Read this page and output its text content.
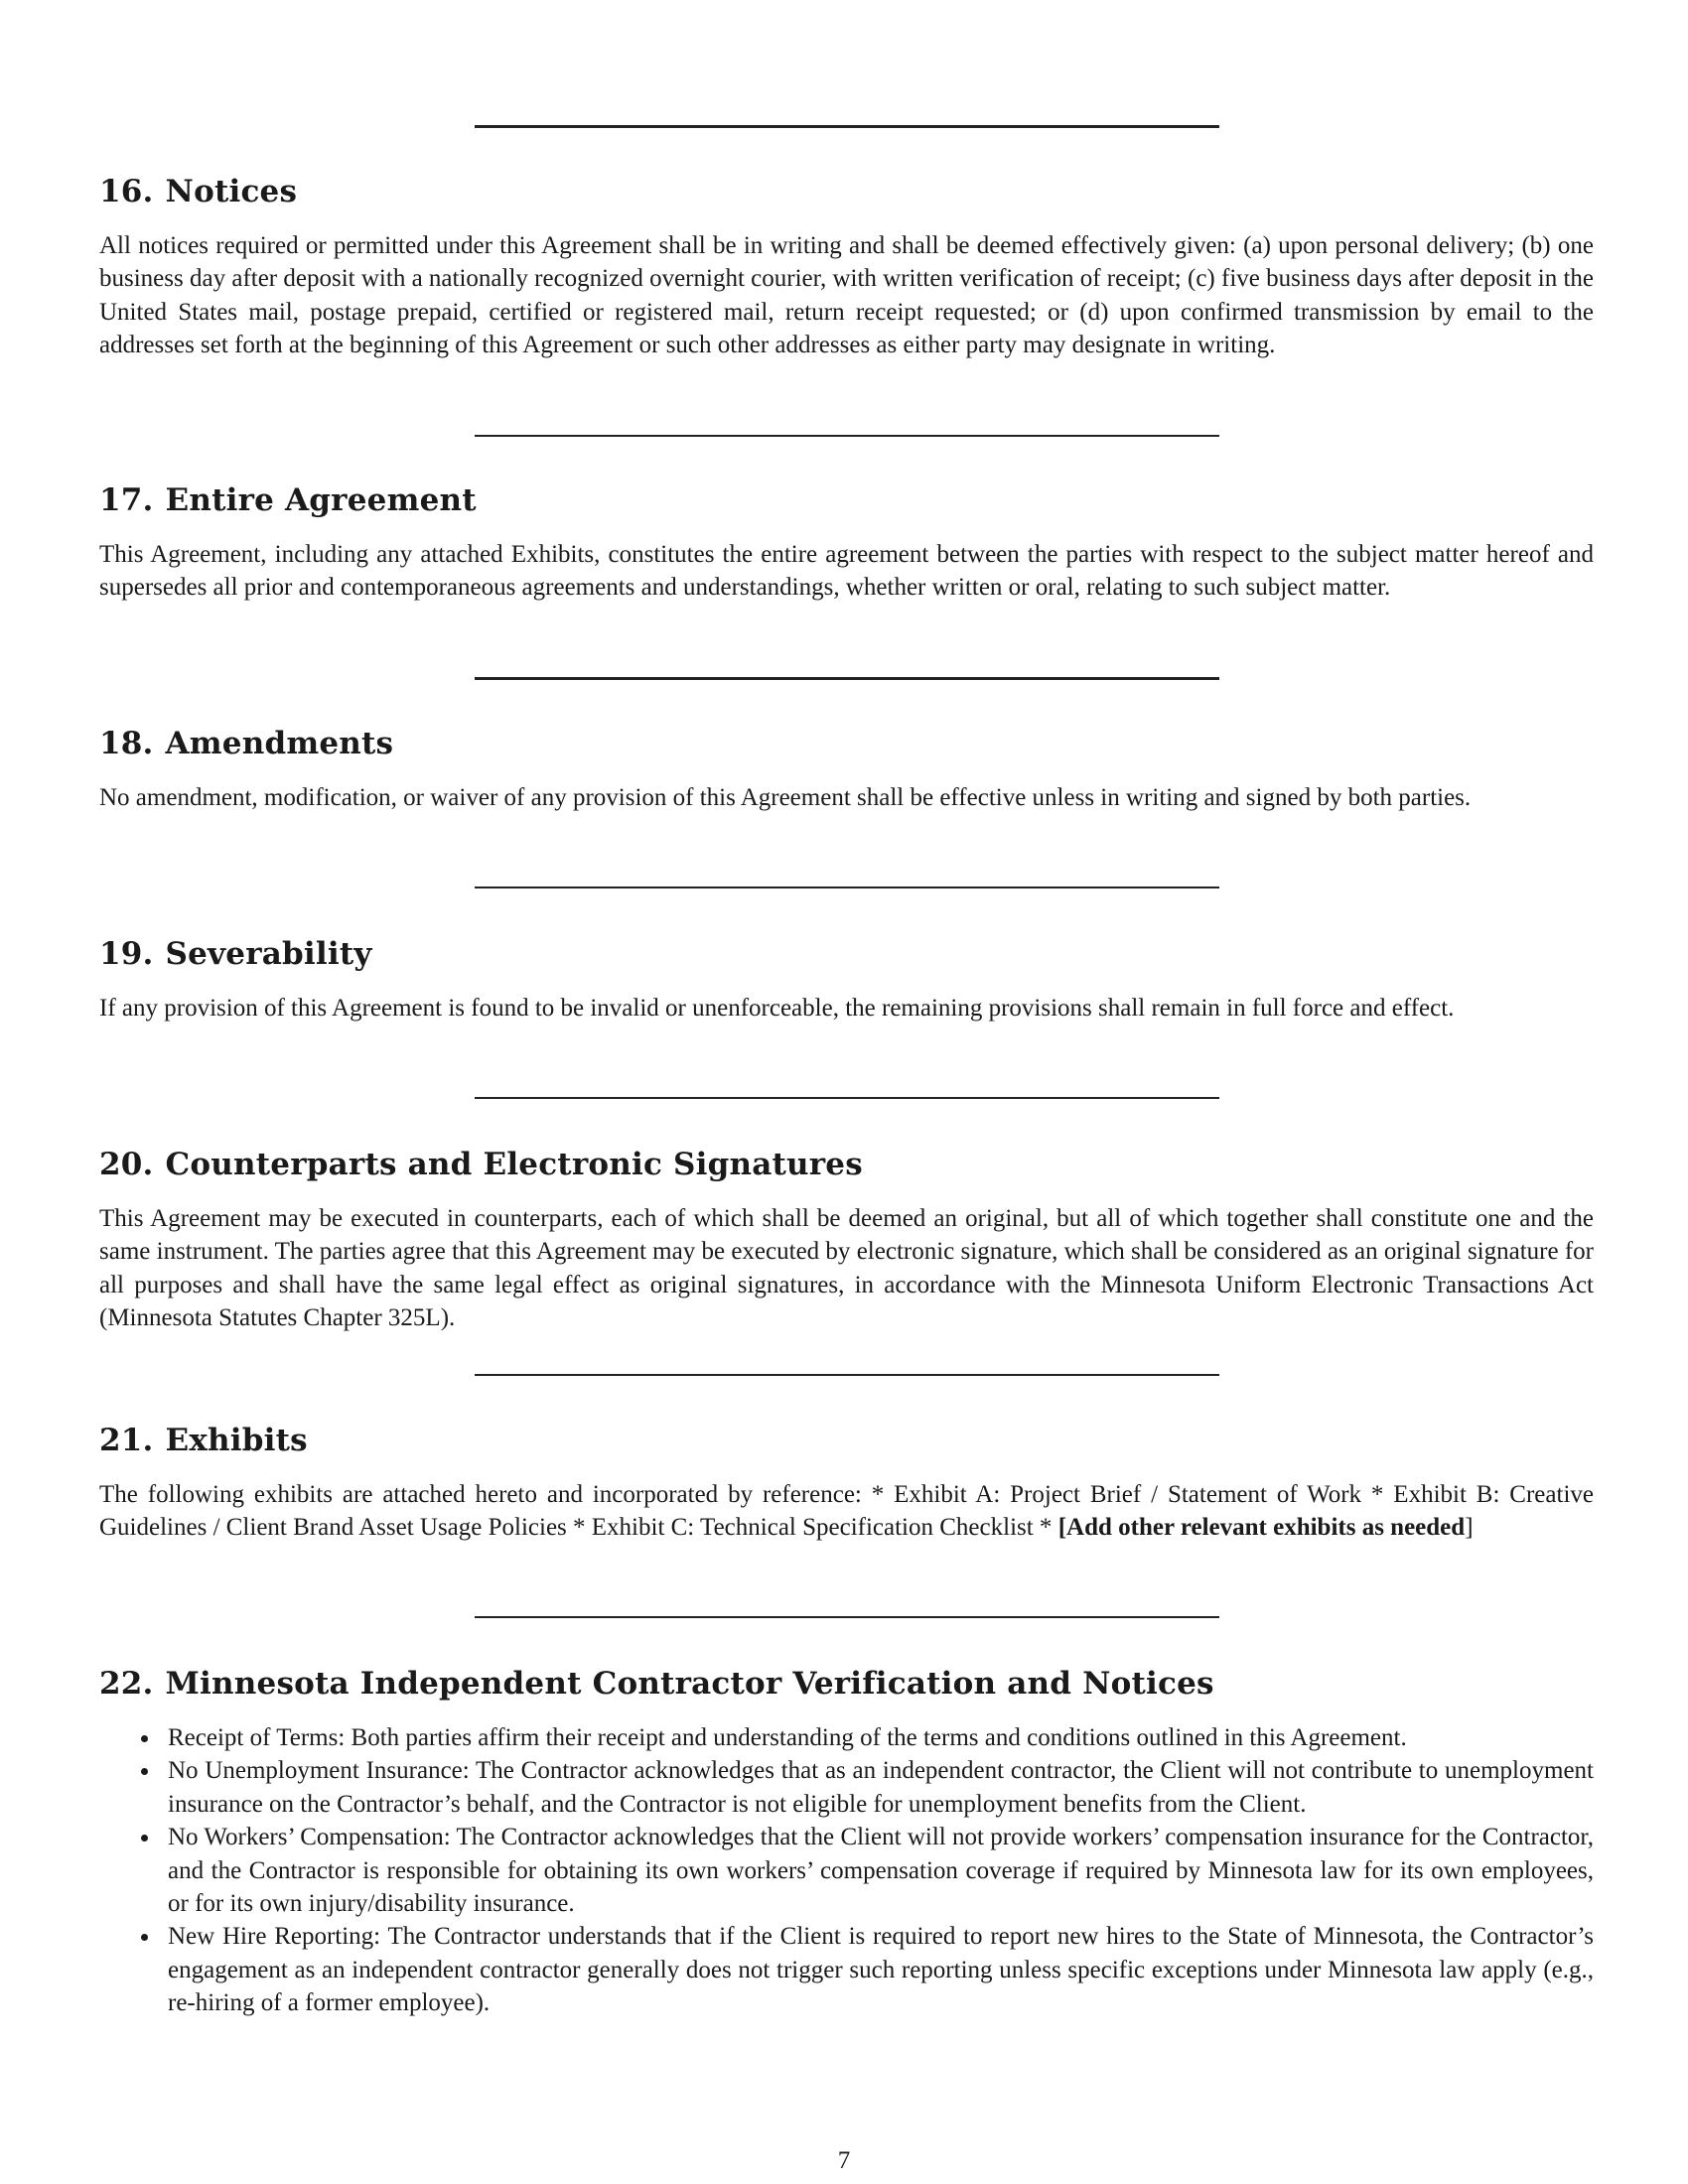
16. Notices

All notices required or permitted under this Agreement shall be in writing and shall be deemed effectively given: (a) upon personal delivery; (b) one business day after deposit with a nationally recognized overnight courier, with written verification of receipt; (c) five business days after deposit in the United States mail, postage prepaid, certified or registered mail, return receipt requested; or (d) upon confirmed transmission by email to the addresses set forth at the beginning of this Agreement or such other addresses as either party may designate in writing.

17. Entire Agreement

This Agreement, including any attached Exhibits, constitutes the entire agreement between the parties with respect to the subject matter hereof and supersedes all prior and contemporaneous agreements and understandings, whether written or oral, relating to such subject matter.

18. Amendments

No amendment, modification, or waiver of any provision of this Agreement shall be effective unless in writing and signed by both parties.

19. Severability

If any provision of this Agreement is found to be invalid or unenforceable, the remaining provisions shall remain in full force and effect.

20. Counterparts and Electronic Signatures

This Agreement may be executed in counterparts, each of which shall be deemed an original, but all of which together shall constitute one and the same instrument. The parties agree that this Agreement may be executed by electronic signature, which shall be considered as an original signature for all purposes and shall have the same legal effect as original signatures, in accordance with the Minnesota Uniform Electronic Transactions Act (Minnesota Statutes Chapter 325L).

21. Exhibits

The following exhibits are attached hereto and incorporated by reference: * Exhibit A: Project Brief / Statement of Work * Exhibit B: Creative Guidelines / Client Brand Asset Usage Policies * Exhibit C: Technical Specification Checklist * [Add other relevant exhibits as needed]

22. Minnesota Independent Contractor Verification and Notices
Receipt of Terms: Both parties affirm their receipt and understanding of the terms and conditions outlined in this Agreement.
No Unemployment Insurance: The Contractor acknowledges that as an independent contractor, the Client will not contribute to unemployment insurance on the Contractor’s behalf, and the Contractor is not eligible for unemployment benefits from the Client.
No Workers’ Compensation: The Contractor acknowledges that the Client will not provide workers’ compensation insurance for the Contractor, and the Contractor is responsible for obtaining its own workers’ compensation coverage if required by Minnesota law for its own employees, or for its own injury/disability insurance.
New Hire Reporting: The Contractor understands that if the Client is required to report new hires to the State of Minnesota, the Contractor’s engagement as an independent contractor generally does not trigger such reporting unless specific exceptions under Minnesota law apply (e.g., re-hiring of a former employee).
7
